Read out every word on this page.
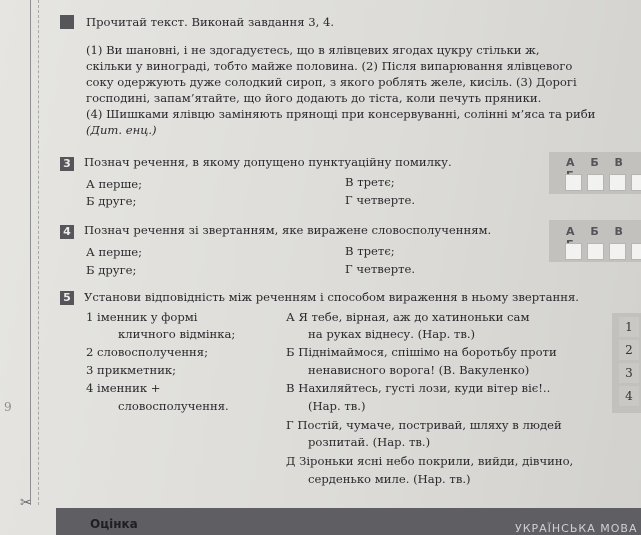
9
✂
Прочитай текст. Виконай завдання 3, 4.
(1) Ви шановні, і не здогадуєтесь, що в ялівцевих ягодах цукру стільки ж,
скільки у винограді, тобто майже половина. (2) Після випарювання ялівцевого
соку одержують дуже солодкий сироп, з якого роблять желе, кисіль. (3) Дорогі
господині, запам’ятайте, що його додають до тіста, коли печуть пряники.
(4) Шишками ялівцю заміняють прянощі при консервуванні, солінні м’яса та риби
(Дит. енц.)
3 Познач речення, в якому допущено пунктуаційну помилку.
А перше;
Б друге;
В третє;
Г четверте.
А Б В
4 Познач речення зі звертанням, яке виражене словосполученням.
А перше;
Б друге;
В третє;
Г четверте.
А Б В
5 Установи відповідність між реченням і способом вираження в ньому звертання.
1 іменник у формі
кличного відмінка;
2 словосполучення;
3 прикметник;
4 іменник +
словосполучення.
А Я тебе, вірная, аж до хатиноньки сам
на руках віднесу. (Нар. тв.)
Б Піднімаймося, спішімо на боротьбу проти
ненависного ворога! (В. Вакуленко)
В Нахиляйтесь, густі лози, куди вітер віє!..
(Нар. тв.)
Г Постій, чумаче, постривай, шляху в людей
розпитай. (Нар. тв.)
Д Зіроньки ясні небо покрили, вийди, дівчино,
серденько миле. (Нар. тв.)
1
2
3
4
Оцінка	УКРАЇНСЬКА МОВА
